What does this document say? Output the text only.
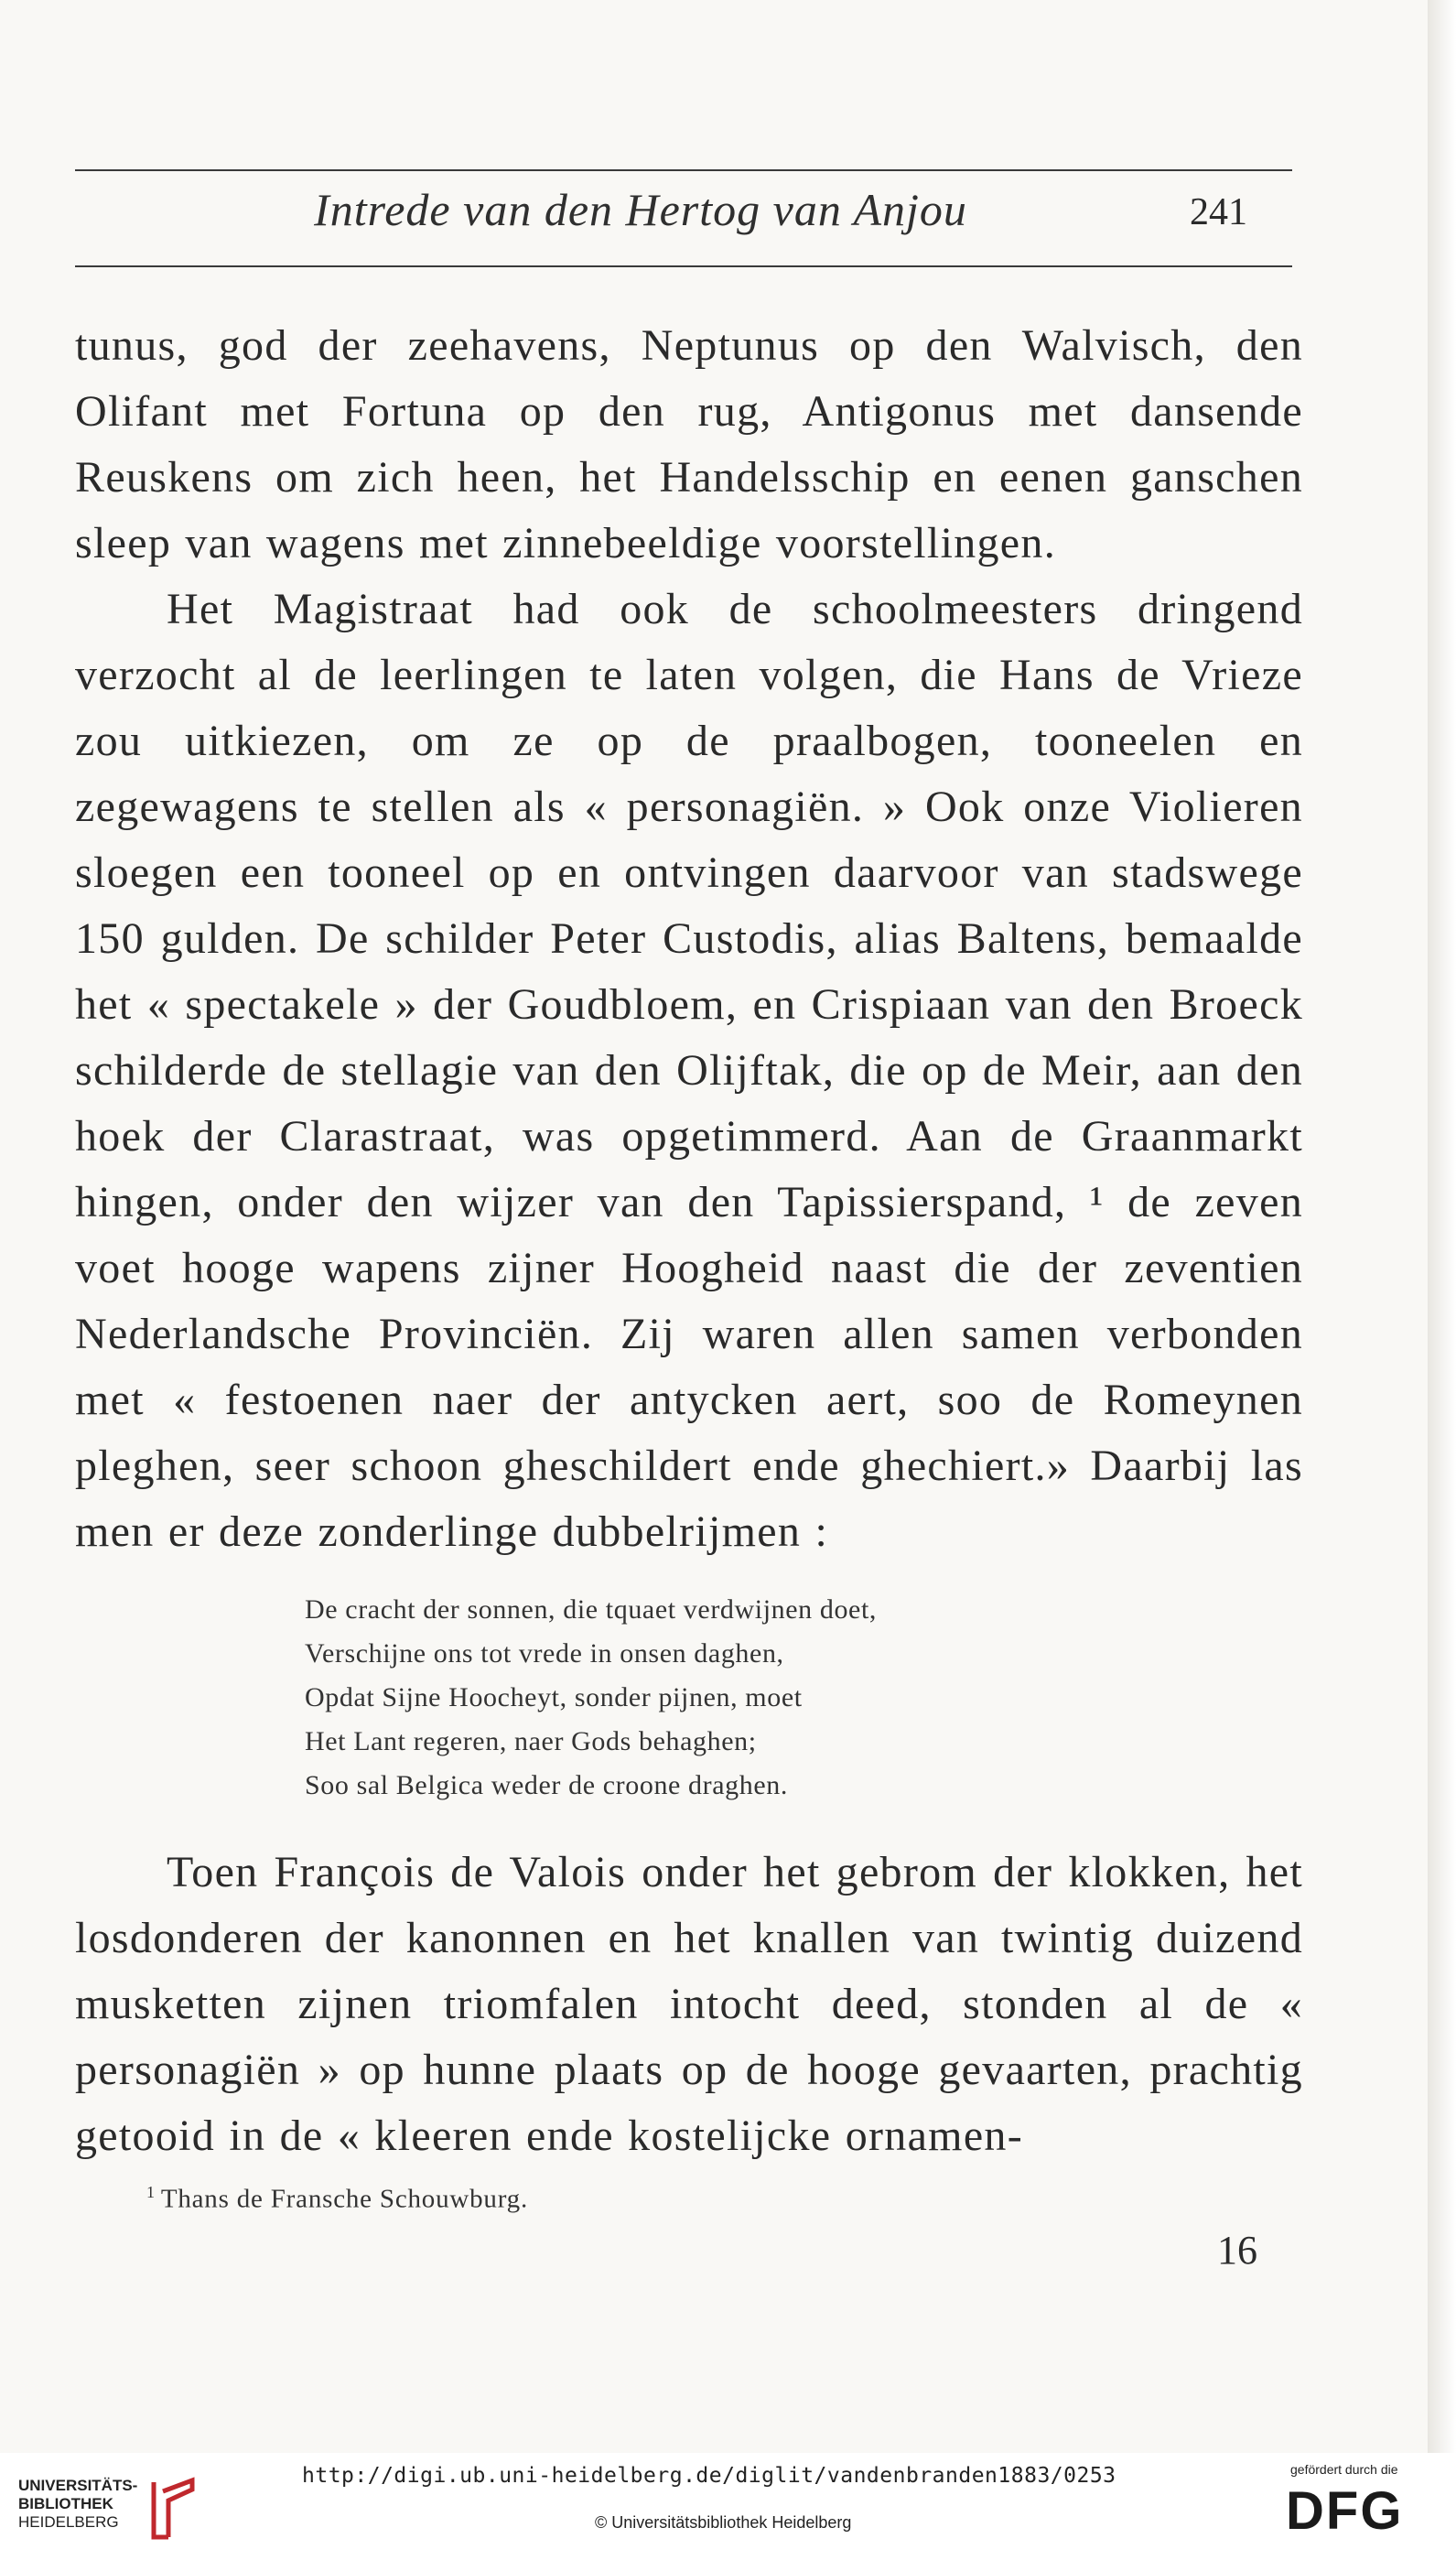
Intrede van den Hertog van Anjou	241

tunus, god der zeehavens, Neptunus op den Walvisch, den Olifant met Fortuna op den rug, Antigonus met dansende Reuskens om zich heen, het Handelsschip en eenen ganschen sleep van wagens met zinnebeeldige voorstellingen.

Het Magistraat had ook de schoolmeesters dringend verzocht al de leerlingen te laten volgen, die Hans de Vrieze zou uitkiezen, om ze op de praalbogen, tooneelen en zegewagens te stellen als « personagiën. » Ook onze Violieren sloegen een tooneel op en ontvingen daarvoor van stadswege 150 gulden. De schilder Peter Custodis, alias Baltens, bemaalde het « spectakele » der Goudbloem, en Crispiaan van den Broeck schilderde de stellagie van den Olijftak, die op de Meir, aan den hoek der Clarastraat, was opgetimmerd. Aan de Graanmarkt hingen, onder den wijzer van den Tapissierspand, ¹ de zeven voet hooge wapens zijner Hoogheid naast die der zeventien Nederlandsche Provinciën. Zij waren allen samen verbonden met « festoenen naer der antycken aert, soo de Romeynen pleghen, seer schoon gheschildert ende ghechiert.» Daarbij las men er deze zonderlinge dubbelrijmen :

De cracht der sonnen, die tquaet verdwijnen doet,
Verschijne ons tot vrede in onsen daghen,
Opdat Sijne Hoocheyt, sonder pijnen, moet
Het Lant regeren, naer Gods behaghen;
Soo sal Belgica weder de croone draghen.

Toen François de Valois onder het gebrom der klokken, het losdonderen der kanonnen en het knallen van twintig duizend musketten zijnen triomfalen intocht deed, stonden al de « personagiën » op hunne plaats op de hooge gevaarten, prachtig getooid in de « kleeren ende kostelijcke ornamen-

$^1$ Thans de Fransche Schouwburg.
16
UNIVERSITÄTS-
BIBLIOTHEK
HEIDELBERG
http://digi.ub.uni-heidelberg.de/diglit/vandenbranden1883/0253
© Universitätsbibliothek Heidelberg
gefördert durch die
DFG
